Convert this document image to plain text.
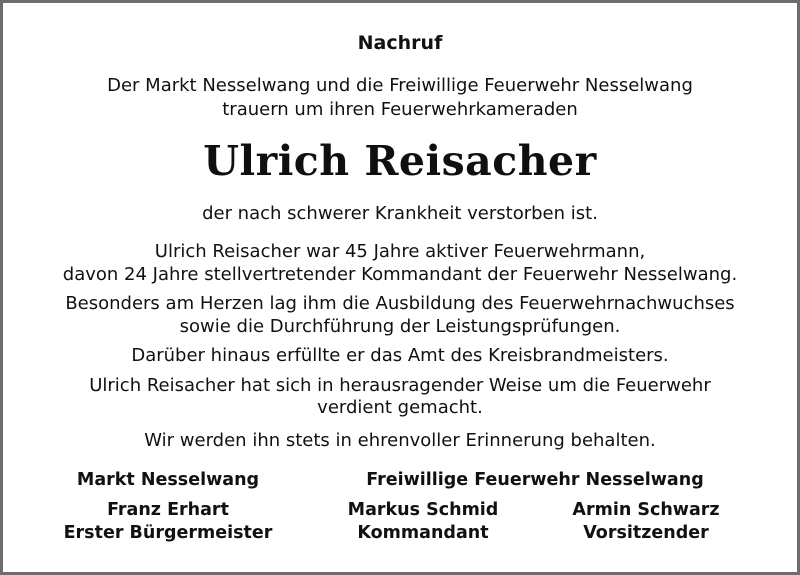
Nachruf
Der Markt Nesselwang und die Freiwillige Feuerwehr Nesselwang
trauern um ihren Feuerwehrkameraden
Ulrich Reisacher
der nach schwerer Krankheit verstorben ist.
Ulrich Reisacher war 45 Jahre aktiver Feuerwehrmann,
davon 24 Jahre stellvertretender Kommandant der Feuerwehr Nesselwang.
Besonders am Herzen lag ihm die Ausbildung des Feuerwehrnachwuchses
sowie die Durchführung der Leistungsprüfungen.
Darüber hinaus erfüllte er das Amt des Kreisbrandmeisters.
Ulrich Reisacher hat sich in herausragender Weise um die Feuerwehr
verdient gemacht.
Wir werden ihn stets in ehrenvoller Erinnerung behalten.
Markt Nesselwang	Freiwillige Feuerwehr Nesselwang
Franz Erhart
Erster Bürgermeister
Markus Schmid
Kommandant
Armin Schwarz
Vorsitzender
